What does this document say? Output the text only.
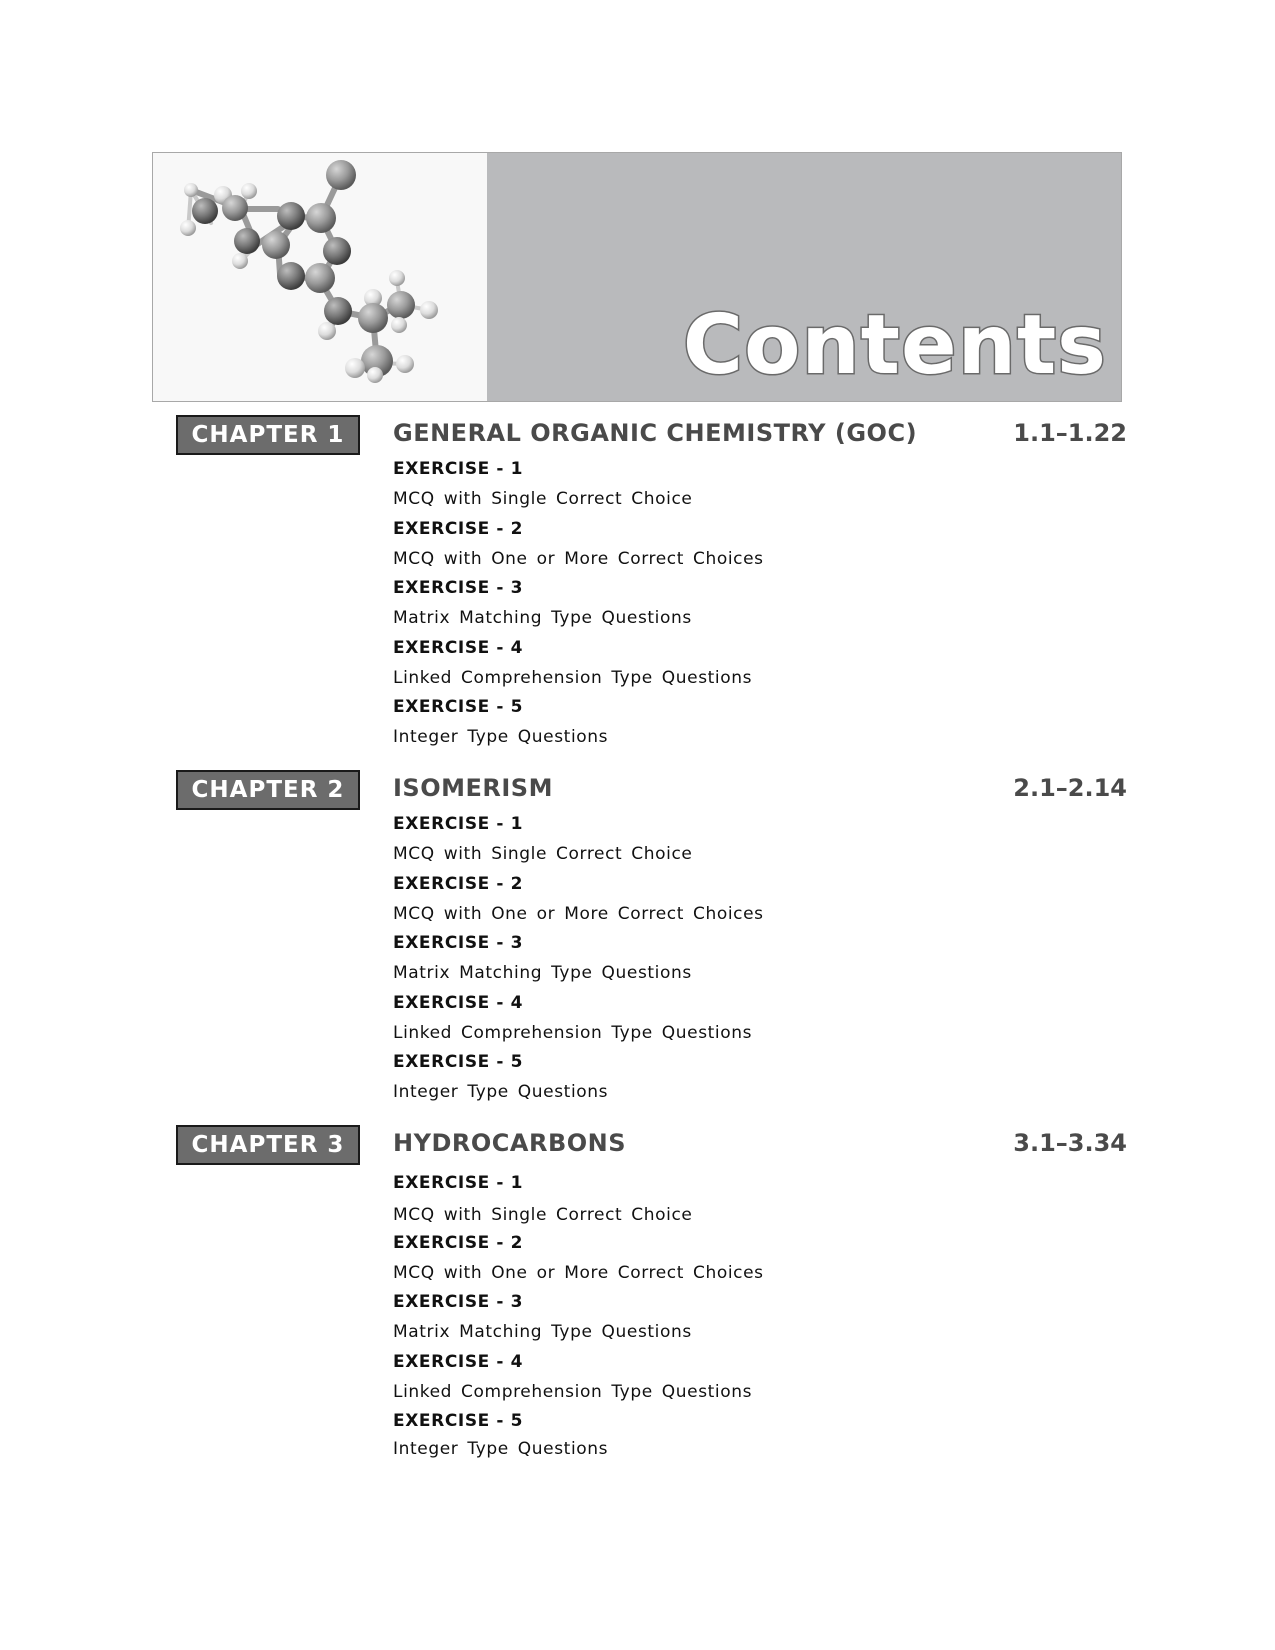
Contents
CHAPTER 1	GENERAL ORGANIC CHEMISTRY (GOC)	1.1–1.22
EXERCISE - 1
MCQ with Single Correct Choice
EXERCISE - 2
MCQ with One or More Correct Choices
EXERCISE - 3
Matrix Matching Type Questions
EXERCISE - 4
Linked Comprehension Type Questions
EXERCISE - 5
Integer Type Questions
CHAPTER 2	ISOMERISM	2.1–2.14
EXERCISE - 1
MCQ with Single Correct Choice
EXERCISE - 2
MCQ with One or More Correct Choices
EXERCISE - 3
Matrix Matching Type Questions
EXERCISE - 4
Linked Comprehension Type Questions
EXERCISE - 5
Integer Type Questions
CHAPTER 3	HYDROCARBONS	3.1–3.34
EXERCISE - 1
MCQ with Single Correct Choice
EXERCISE - 2
MCQ with One or More Correct Choices
EXERCISE - 3
Matrix Matching Type Questions
EXERCISE - 4
Linked Comprehension Type Questions
EXERCISE - 5
Integer Type Questions
